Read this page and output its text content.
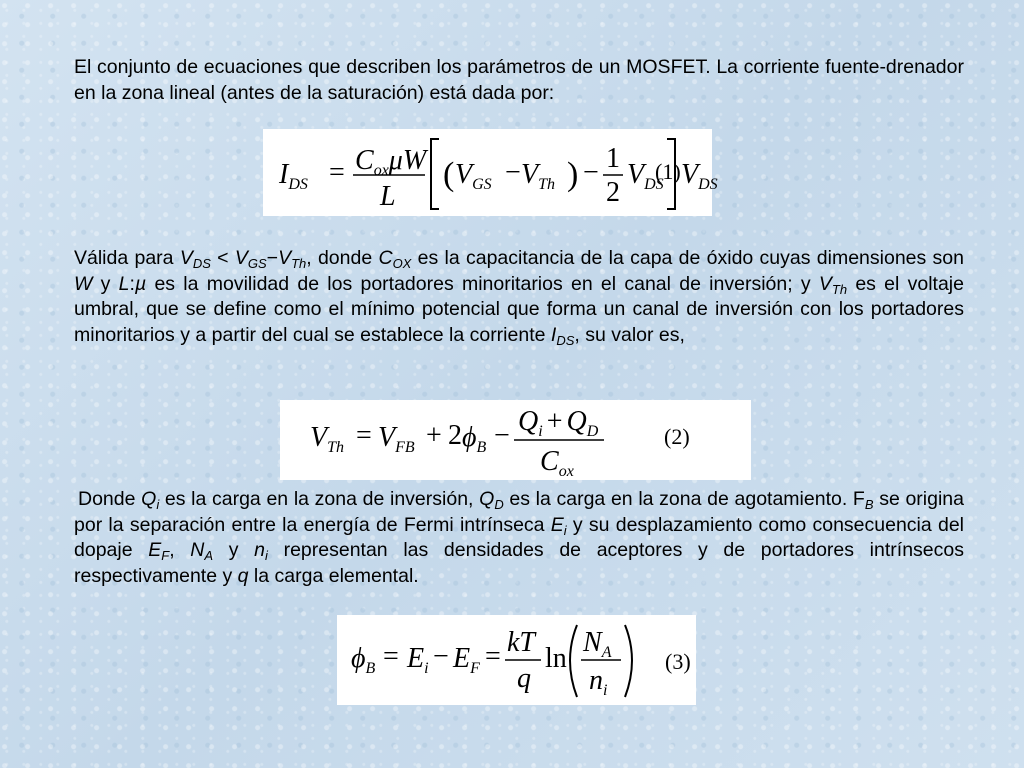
El conjunto de ecuaciones que describen los parámetros de un MOSFET. La corriente fuente-drenador en la zona lineal (antes de la saturación) está dada por:
$I_{DS} = C_{ox}\mu W$
L
( $V_{GS} - V_{Th}$ ) − 1
2
$V_{DS}$ $V_{DS}$
(1)
Válida para $V_{DS} < V_{GS}-V_{Th}$, donde $C_{OX}$ es la capacitancia de la capa de óxido cuyas dimensiones son W y L:µ es la movilidad de los portadores minoritarios en el canal de inversión; y $V_{Th}$ es el voltaje umbral, que se define como el mínimo potencial que forma un canal de inversión con los portadores minoritarios y a partir del cual se establece la corriente $I_{DS}$, su valor es,
$V_{Th} = V_{FB} + 2$ $\phi_B - Q_i + Q_D$
$C_{ox}$
(2)
Donde $Q_i$ es la carga en la zona de inversión, $Q_D$ es la carga en la zona de agotamiento. $F_B$ se origina por la separación entre la energía de Fermi intrínseca $E_i$ y su desplazamiento como consecuencia del dopaje $E_F$, $N_A$ y $n_i$ representan las densidades de aceptores y de portadores intrínsecos respectivamente y q la carga elemental.
$\phi_B = E_i - E_F$ = kT
q
ln
$N_A$
$n_i$
(3)
